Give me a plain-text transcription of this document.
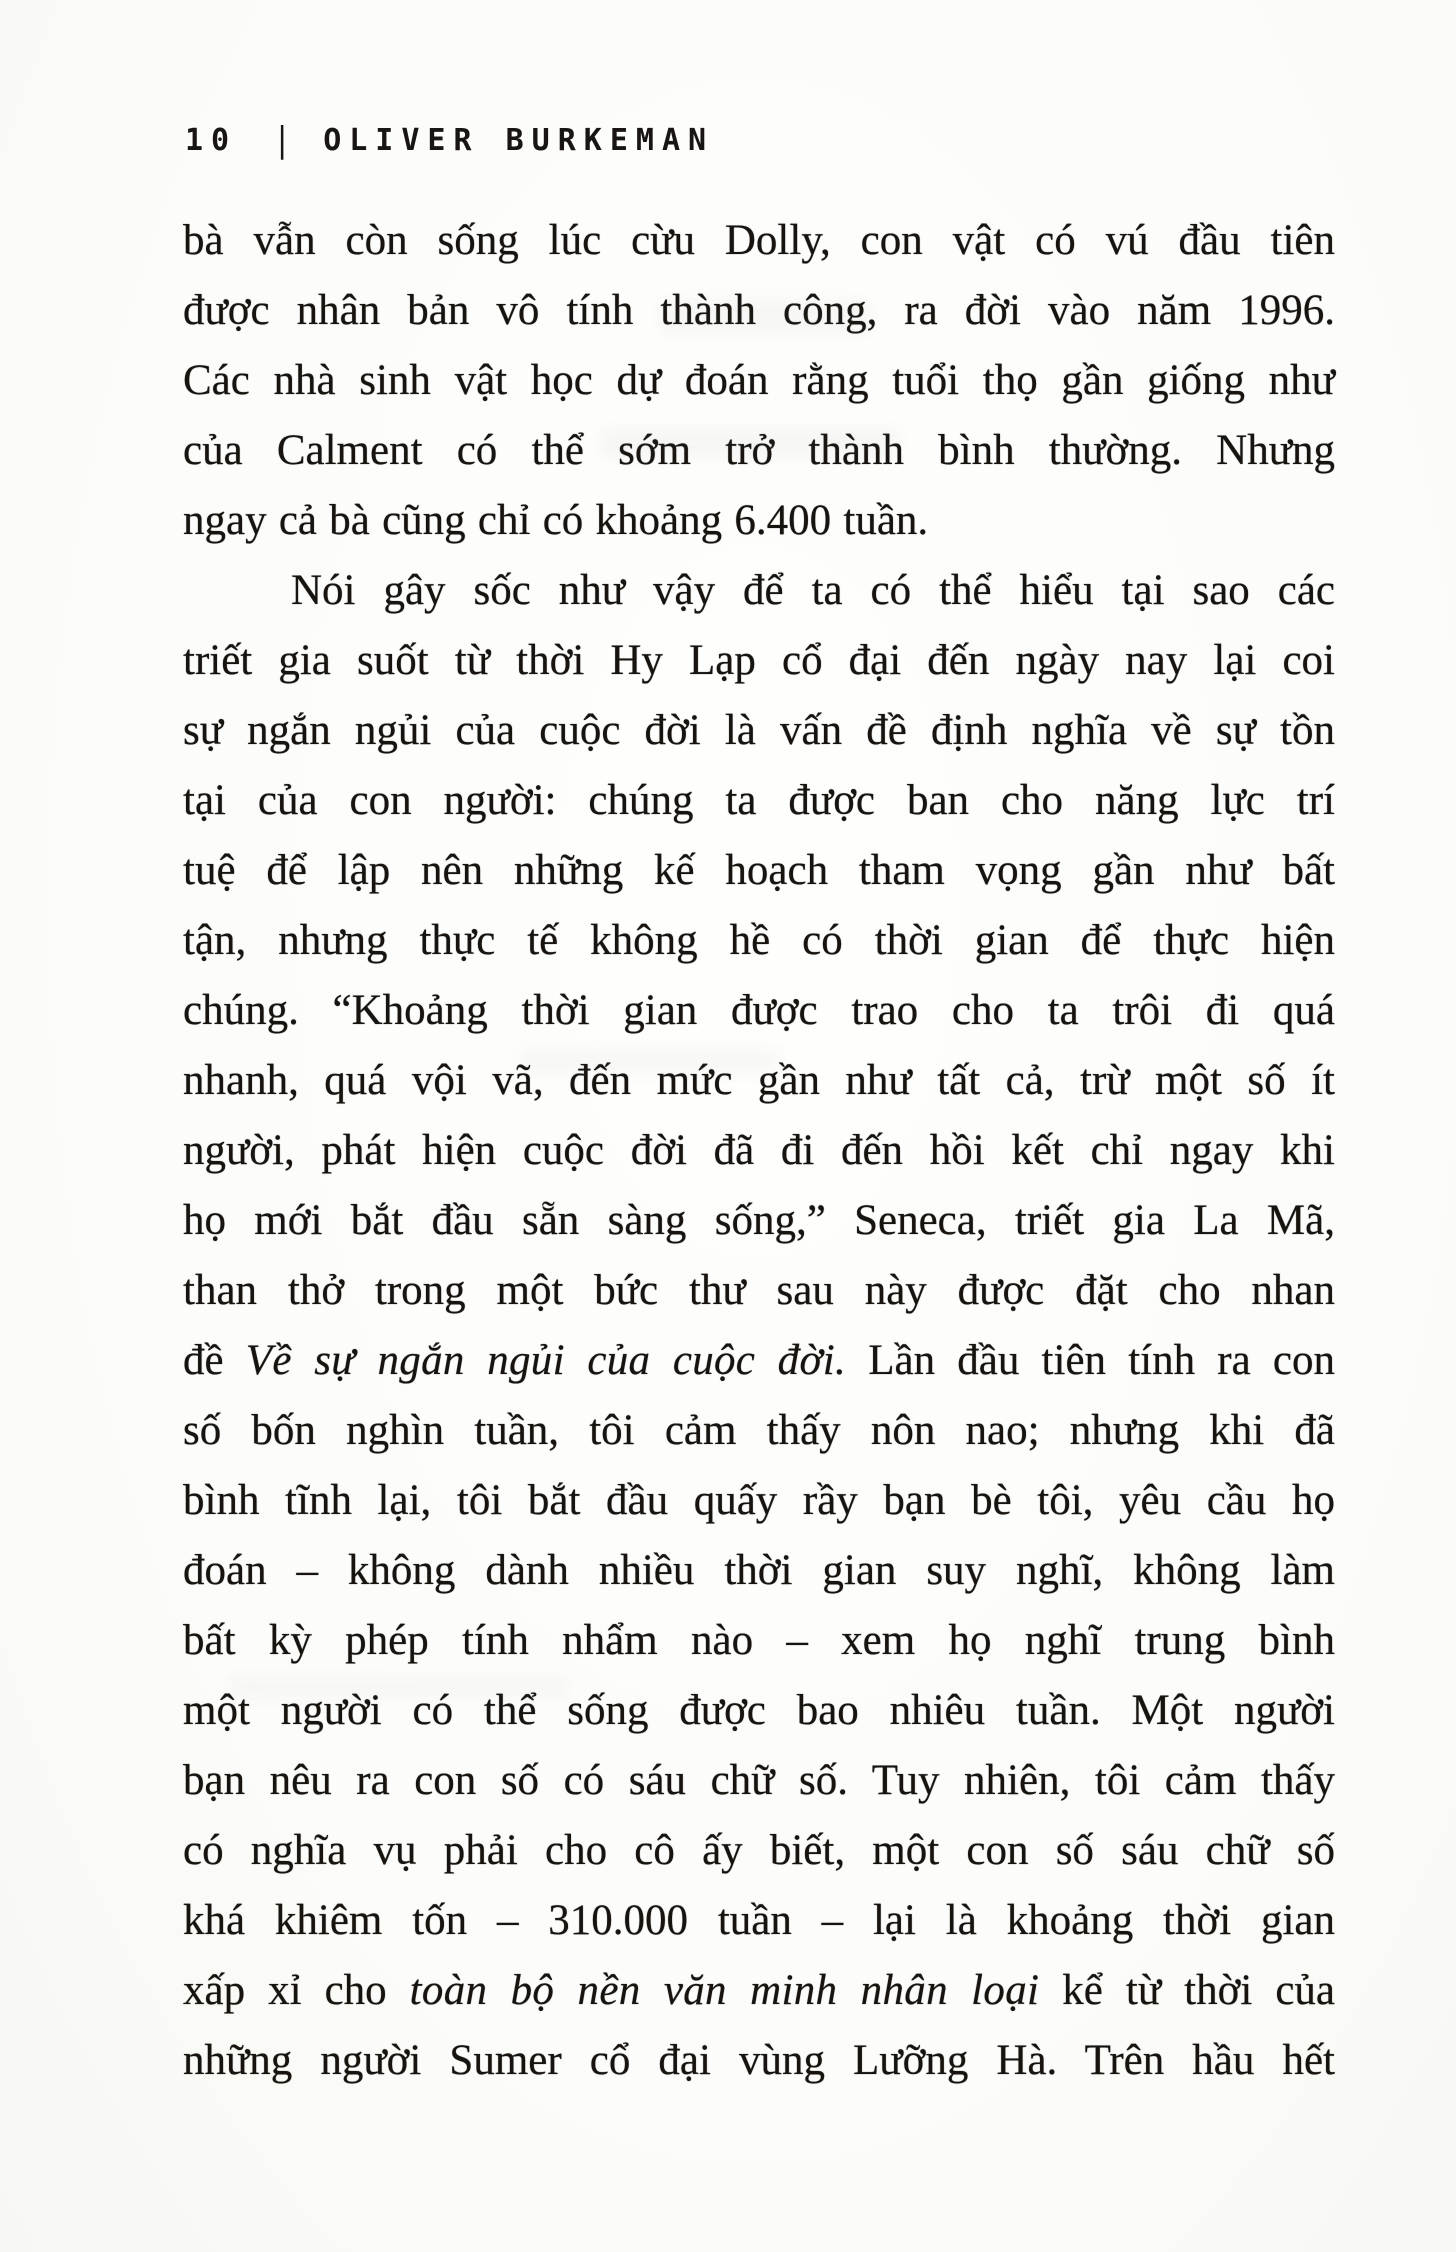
10 | OLIVER BURKEMAN
bà vẫn còn sống lúc cừu Dolly, con vật có vú đầu tiên
được nhân bản vô tính thành công, ra đời vào năm 1996.
Các nhà sinh vật học dự đoán rằng tuổi thọ gần giống như
của Calment có thể sớm trở thành bình thường. Nhưng
ngay cả bà cũng chỉ có khoảng 6.400 tuần.
Nói gây sốc như vậy để ta có thể hiểu tại sao các
triết gia suốt từ thời Hy Lạp cổ đại đến ngày nay lại coi
sự ngắn ngủi của cuộc đời là vấn đề định nghĩa về sự tồn
tại của con người: chúng ta được ban cho năng lực trí
tuệ để lập nên những kế hoạch tham vọng gần như bất
tận, nhưng thực tế không hề có thời gian để thực hiện
chúng. “Khoảng thời gian được trao cho ta trôi đi quá
nhanh, quá vội vã, đến mức gần như tất cả, trừ một số ít
người, phát hiện cuộc đời đã đi đến hồi kết chỉ ngay khi
họ mới bắt đầu sẵn sàng sống,” Seneca, triết gia La Mã,
than thở trong một bức thư sau này được đặt cho nhan
đề Về sự ngắn ngủi của cuộc đời. Lần đầu tiên tính ra con
số bốn nghìn tuần, tôi cảm thấy nôn nao; nhưng khi đã
bình tĩnh lại, tôi bắt đầu quấy rầy bạn bè tôi, yêu cầu họ
đoán – không dành nhiều thời gian suy nghĩ, không làm
bất kỳ phép tính nhẩm nào – xem họ nghĩ trung bình
một người có thể sống được bao nhiêu tuần. Một người
bạn nêu ra con số có sáu chữ số. Tuy nhiên, tôi cảm thấy
có nghĩa vụ phải cho cô ấy biết, một con số sáu chữ số
khá khiêm tốn – 310.000 tuần – lại là khoảng thời gian
xấp xỉ cho toàn bộ nền văn minh nhân loại kể từ thời của
những người Sumer cổ đại vùng Lưỡng Hà. Trên hầu hết
